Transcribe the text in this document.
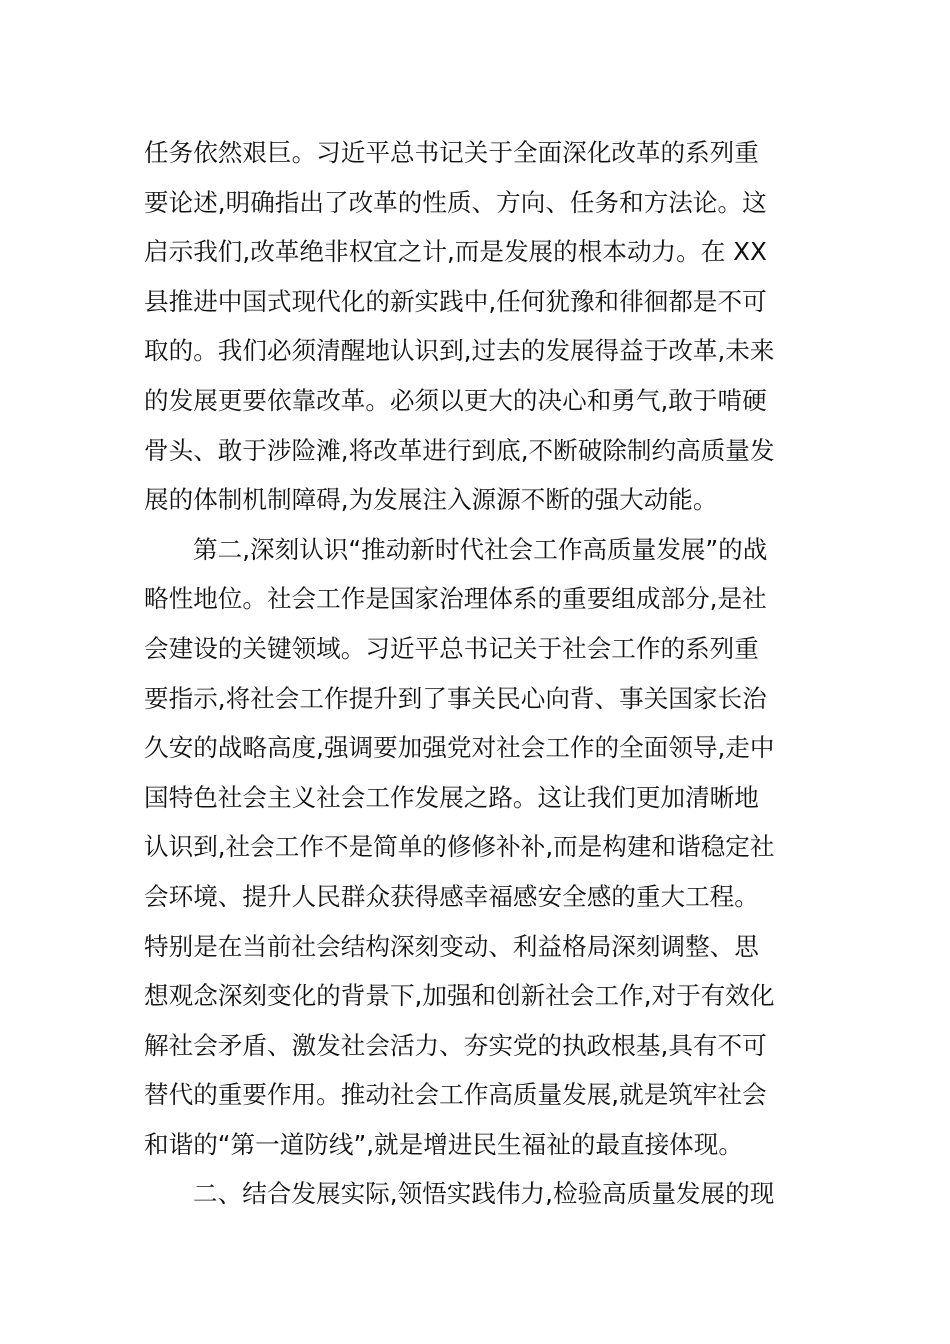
任务依然艰巨。习近平总书记关于全面深化改革的系列重
要论述,明确指出了改革的性质、方向、任务和方法论。这
启示我们,改革绝非权宜之计,而是发展的根本动力。在 XX
县推进中国式现代化的新实践中,任何犹豫和徘徊都是不可
取的。我们必须清醒地认识到,过去的发展得益于改革,未来
的发展更要依靠改革。必须以更大的决心和勇气,敢于啃硬
骨头、敢于涉险滩,将改革进行到底,不断破除制约高质量发
展的体制机制障碍,为发展注入源源不断的强大动能。
第二,深刻认识“推动新时代社会工作高质量发展”的战
略性地位。社会工作是国家治理体系的重要组成部分,是社
会建设的关键领域。习近平总书记关于社会工作的系列重
要指示,将社会工作提升到了事关民心向背、事关国家长治
久安的战略高度,强调要加强党对社会工作的全面领导,走中
国特色社会主义社会工作发展之路。这让我们更加清晰地
认识到,社会工作不是简单的修修补补,而是构建和谐稳定社
会环境、提升人民群众获得感幸福感安全感的重大工程。
特别是在当前社会结构深刻变动、利益格局深刻调整、思
想观念深刻变化的背景下,加强和创新社会工作,对于有效化
解社会矛盾、激发社会活力、夯实党的执政根基,具有不可
替代的重要作用。推动社会工作高质量发展,就是筑牢社会
和谐的“第一道防线”,就是增进民生福祉的最直接体现。
二、结合发展实际,领悟实践伟力,检验高质量发展的现
